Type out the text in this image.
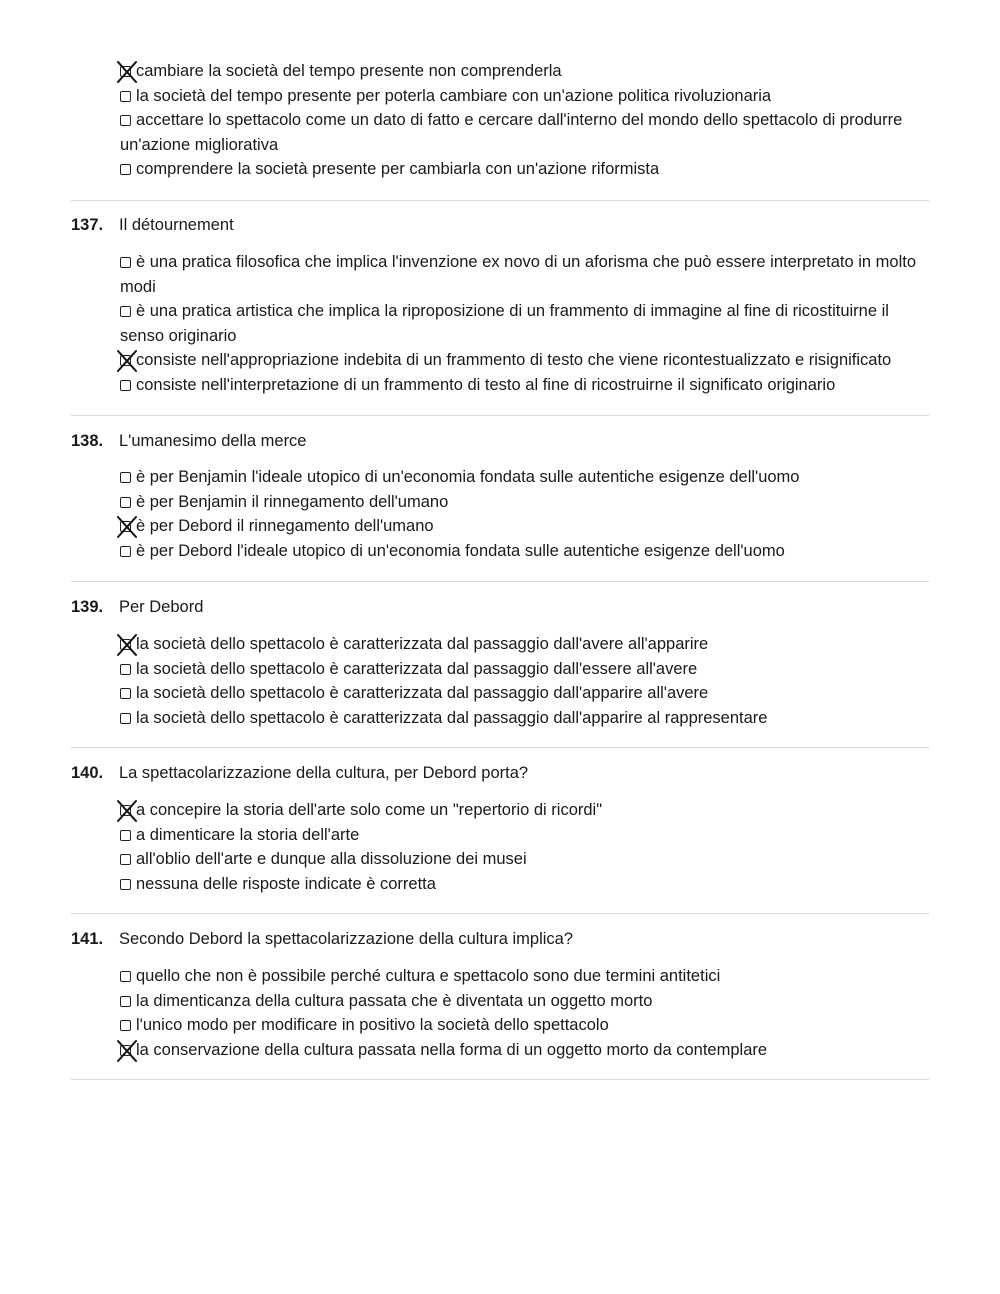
cambiare la società del tempo presente non comprenderla
la società del tempo presente per poterla cambiare con un'azione politica rivoluzionaria
accettare lo spettacolo come un dato di fatto e cercare dall'interno del mondo dello spettacolo di produrre un'azione migliorativa
comprendere la società presente per cambiarla con un'azione riformista
137. Il détournement
è una pratica filosofica che implica l'invenzione ex novo di un aforisma che può essere interpretato in molto modi
è una pratica artistica che implica la riproposizione di un frammento di immagine al fine di ricostituirne il senso originario
consiste nell'appropriazione indebita di un frammento di testo che viene ricontestualizzato e risignificato
consiste nell'interpretazione di un frammento di testo al fine di ricostruirne il significato originario
138. L'umanesimo della merce
è per Benjamin l'ideale utopico di un'economia fondata sulle autentiche esigenze dell'uomo
è per Benjamin il rinnegamento dell'umano
è per Debord il rinnegamento dell'umano
è per Debord l'ideale utopico di un'economia fondata sulle autentiche esigenze dell'uomo
139. Per Debord
la società dello spettacolo è caratterizzata dal passaggio dall'avere all'apparire
la società dello spettacolo è caratterizzata dal passaggio dall'essere all'avere
la società dello spettacolo è caratterizzata dal passaggio dall'apparire all'avere
la società dello spettacolo è caratterizzata dal passaggio dall'apparire al rappresentare
140. La spettacolarizzazione della cultura, per Debord porta?
a concepire la storia dell'arte solo come un "repertorio di ricordi"
a dimenticare la storia dell'arte
all'oblio dell'arte e dunque alla dissoluzione dei musei
nessuna delle risposte indicate è corretta
141. Secondo Debord la spettacolarizzazione della cultura implica?
quello che non è possibile perché cultura e spettacolo sono due termini antitetici
la dimenticanza della cultura passata che è diventata un oggetto morto
l'unico modo per modificare in positivo la società dello spettacolo
la conservazione della cultura passata nella forma di un oggetto morto da contemplare
